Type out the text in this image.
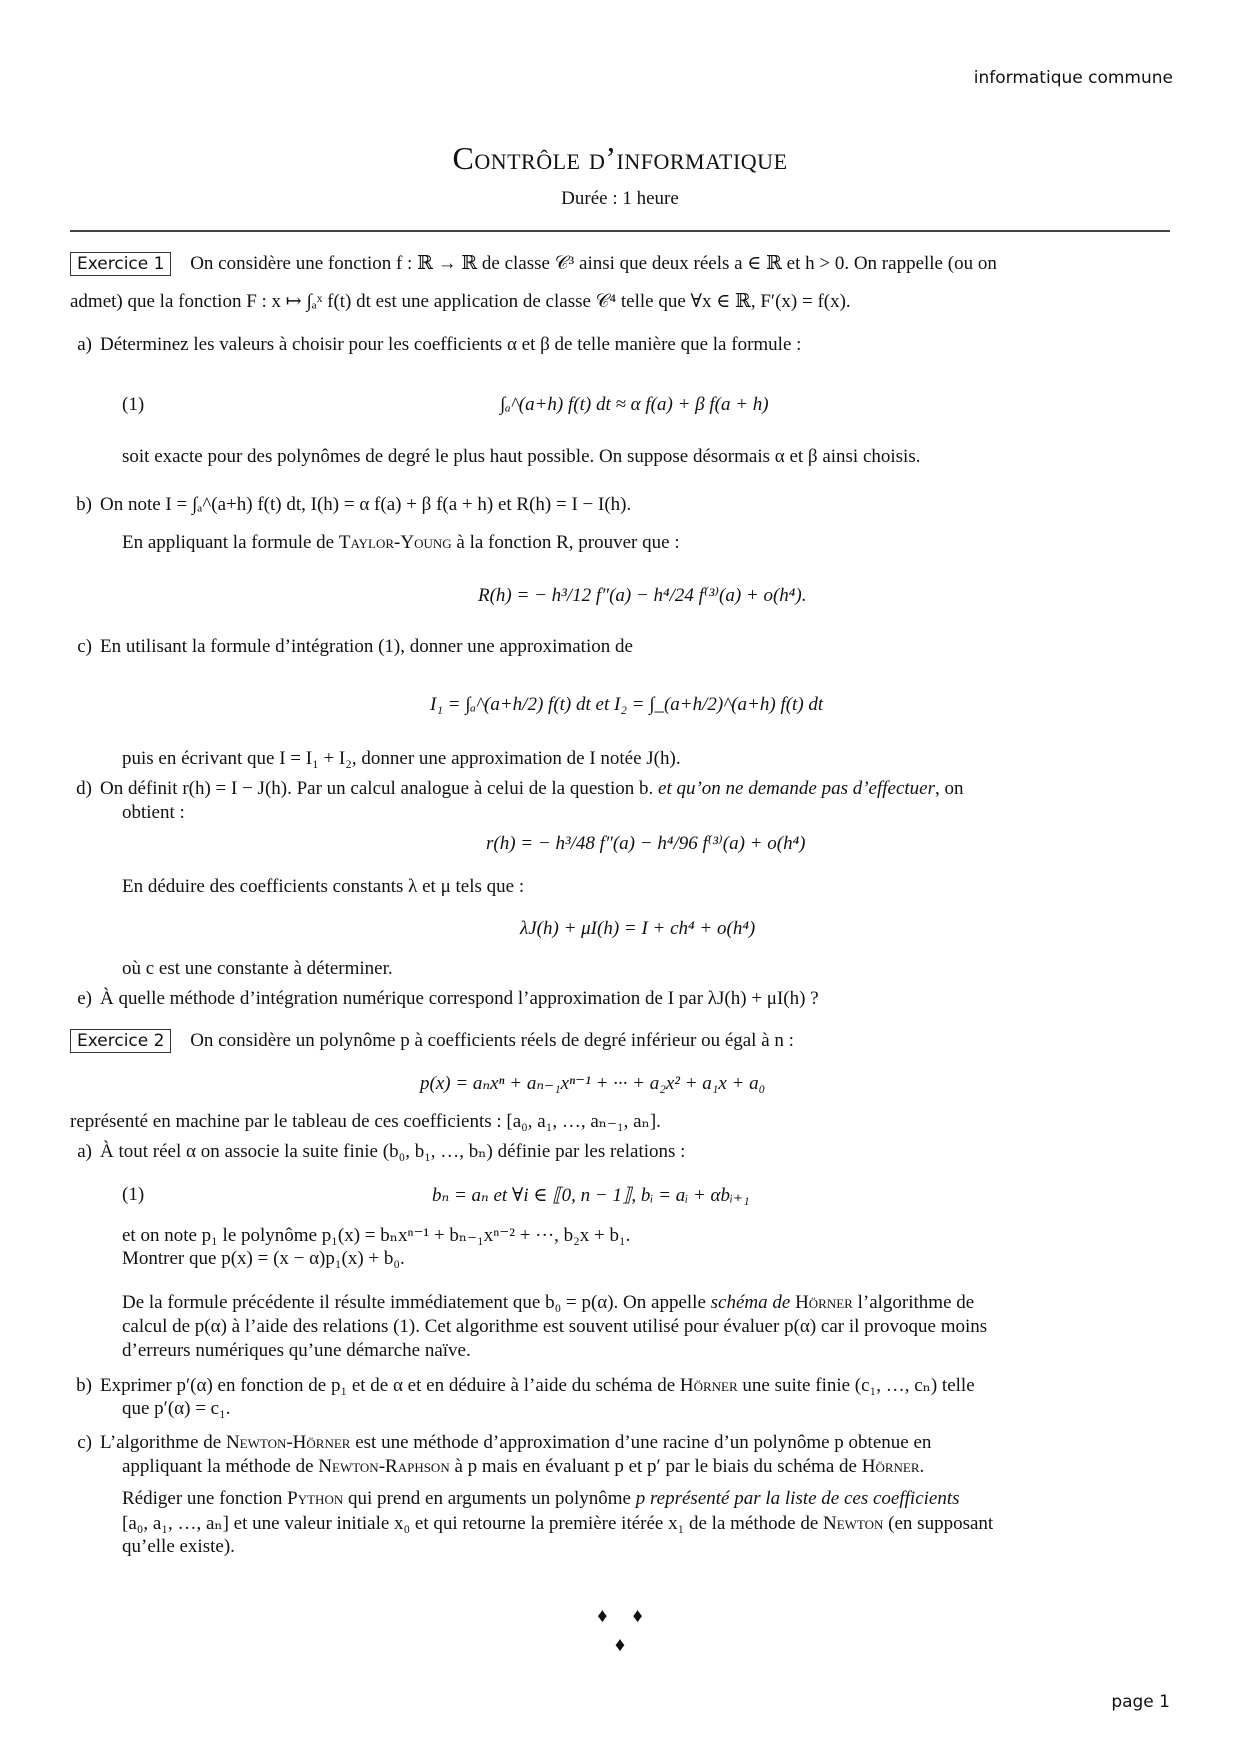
informatique commune
Contrôle d’informatique
Durée : 1 heure
Exercice 1 On considère une fonction f : ℝ → ℝ de classe 𝒞³ ainsi que deux réels a ∈ ℝ et h > 0. On rappelle (ou on
admet) que la fonction F : x ↦ ∫ₐˣ f(t) dt est une application de classe 𝒞⁴ telle que ∀x ∈ ℝ, F′(x) = f(x).
a) Déterminez les valeurs à choisir pour les coefficients α et β de telle manière que la formule :
(1)	∫ₐ^(a+h) f(t) dt ≈ α f(a) + β f(a + h)
soit exacte pour des polynômes de degré le plus haut possible. On suppose désormais α et β ainsi choisis.
b) On note I = ∫ₐ^(a+h) f(t) dt, I(h) = α f(a) + β f(a + h) et R(h) = I − I(h).
En appliquant la formule de Taylor-Young à la fonction R, prouver que :
R(h) = − h³/12 f″(a) − h⁴/24 f⁽³⁾(a) + o(h⁴).
c) En utilisant la formule d’intégration (1), donner une approximation de
I₁ = ∫ₐ^(a+h/2) f(t) dt et I₂ = ∫_(a+h/2)^(a+h) f(t) dt
puis en écrivant que I = I₁ + I₂, donner une approximation de I notée J(h).
d) On définit r(h) = I − J(h). Par un calcul analogue à celui de la question b. et qu’on ne demande pas d’effectuer, on
obtient :
r(h) = − h³/48 f″(a) − h⁴/96 f⁽³⁾(a) + o(h⁴)
En déduire des coefficients constants λ et μ tels que :
λJ(h) + μI(h) = I + ch⁴ + o(h⁴)
où c est une constante à déterminer.
e) À quelle méthode d’intégration numérique correspond l’approximation de I par λJ(h) + μI(h) ?
Exercice 2 On considère un polynôme p à coefficients réels de degré inférieur ou égal à n :
p(x) = aₙxⁿ + aₙ₋₁xⁿ⁻¹ + ··· + a₂x² + a₁x + a₀
représenté en machine par le tableau de ces coefficients : [a₀, a₁, …, aₙ₋₁, aₙ].
a) À tout réel α on associe la suite finie (b₀, b₁, …, bₙ) définie par les relations :
(1)	bₙ = aₙ et ∀i ∈ ⟦0, n − 1⟧, bᵢ = aᵢ + αbᵢ₊₁
et on note p₁ le polynôme p₁(x) = bₙxⁿ⁻¹ + bₙ₋₁xⁿ⁻² + ···, b₂x + b₁.
Montrer que p(x) = (x − α)p₁(x) + b₀.
De la formule précédente il résulte immédiatement que b₀ = p(α). On appelle schéma de Hörner l’algorithme de
calcul de p(α) à l’aide des relations (1). Cet algorithme est souvent utilisé pour évaluer p(α) car il provoque moins
d’erreurs numériques qu’une démarche naïve.
b) Exprimer p′(α) en fonction de p₁ et de α et en déduire à l’aide du schéma de Hörner une suite finie (c₁, …, cₙ) telle
que p′(α) = c₁.
c) L’algorithme de Newton-Hörner est une méthode d’approximation d’une racine d’un polynôme p obtenue en
appliquant la méthode de Newton-Raphson à p mais en évaluant p et p′ par le biais du schéma de Hörner.
Rédiger une fonction Python qui prend en arguments un polynôme p représenté par la liste de ces coefficients
[a₀, a₁, …, aₙ] et une valeur initiale x₀ et qui retourne la première itérée x₁ de la méthode de Newton (en supposant
qu’elle existe).
♦     ♦
♦
page 1
